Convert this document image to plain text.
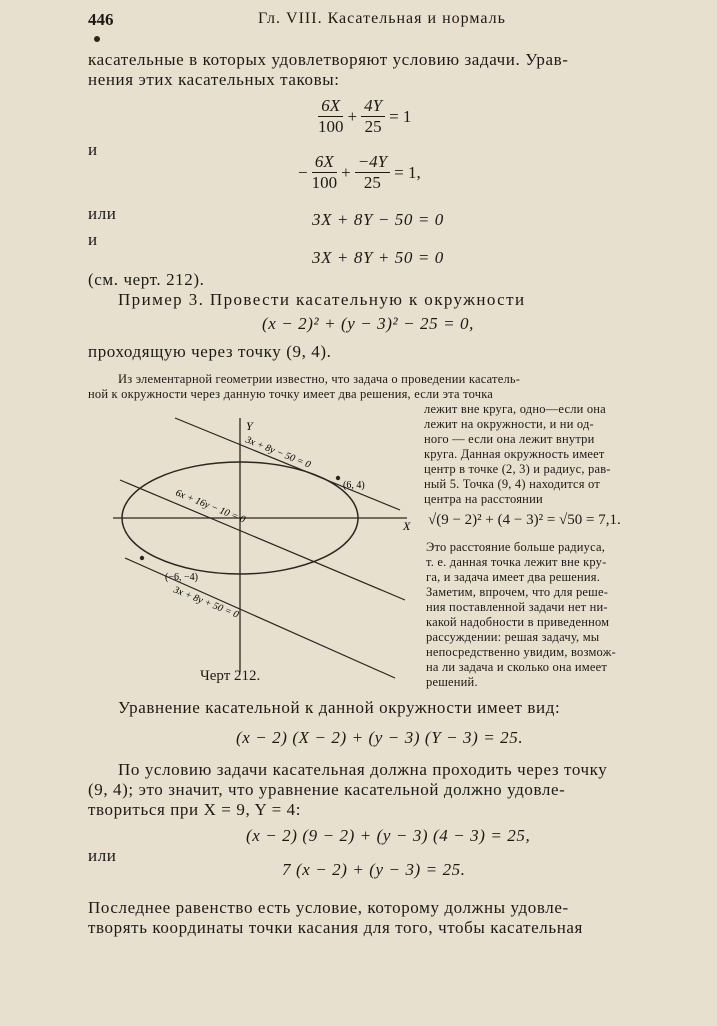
446	Гл. VIII. Касательная и нормаль
касательные в которых удовлетворяют условию задачи. Урав-
нения этих касательных таковы:
$\frac{6X}{100} + \frac{4Y}{25} = 1$
и
− $\frac{6X}{100} + \frac{-4Y}{25} = 1$,
или	3X + 8Y − 50 = 0
и
3X + 8Y + 50 = 0
(см. черт. 212).
Пример 3. Провести касательную к окружности
(x − 2)² + (y − 3)² − 25 = 0,
проходящую через точку (9, 4).
Из элементарной геометрии известно, что задача о проведении касатель-
ной к окружности через данную точку имеет два решения, если эта точка
лежит вне круга, одно—если она
лежит на окружности, и ни од-
ного — если она лежит внутри
круга. Данная окружность имеет
центр в точке (2, 3) и радиус, рав-
ный 5. Точка (9, 4) находится от
центра на расстоянии
√(9 − 2)² + (4 − 3)² = √50 = 7,1.
Это расстояние больше радиуса,
т. е. данная точка лежит вне кру-
га, и задача имеет два решения.
Заметим, впрочем, что для реше-
ния поставленной задачи нет ни-
какой надобности в приведенном
рассуждении: решая задачу, мы
непосредственно увидим, возмож-
на ли задача и сколько она имеет
решений.
Y
X
3x + 8y − 50 = 0
(6, 4)
6x + 16y − 10 = 0
(−6, −4)
3x + 8y + 50 = 0
Черт 212.
Уравнение касательной к данной окружности имеет вид:
(x − 2) (X − 2) + (y − 3) (Y − 3) = 25.
По условию задачи касательная должна проходить через точку
(9, 4); это значит, что уравнение касательной должно удовле-
твориться при X = 9, Y = 4:
(x − 2) (9 − 2) + (y − 3) (4 − 3) = 25,
или
7 (x − 2) + (y − 3) = 25.
Последнее равенство есть условие, которому должны удовле-
творять координаты точки касания для того, чтобы касательная
